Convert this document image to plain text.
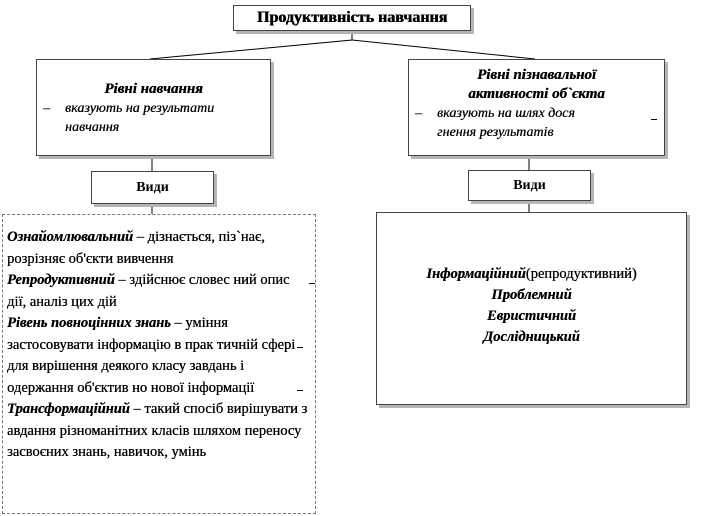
Продуктивність навчання
Рівні навчання
–	вказують на результати
навчання
Рівні пізнавальної
активності об`єкта
–	вказують на шлях дося
гнення результатів
Види	Види
Ознайомлювальний – дізнається, піз`нає, розрізняє об'єкти вивчення
Репродуктивний – здійснює словес ний опис дії, аналіз цих дій
Рівень повноцінних знань – уміння застосовувати інформацію в прак тичній сфері для вирішення деякого класу завдань і одержання об'єктив но нової інформації
Трансформаційний – такий спосіб вирішувати з авдання різноманітних класів шляхом переносу засвоєних знань, навичок, умінь
Інформаційний(репродуктивний)
Проблемний
Евристичний
Дослідницький
